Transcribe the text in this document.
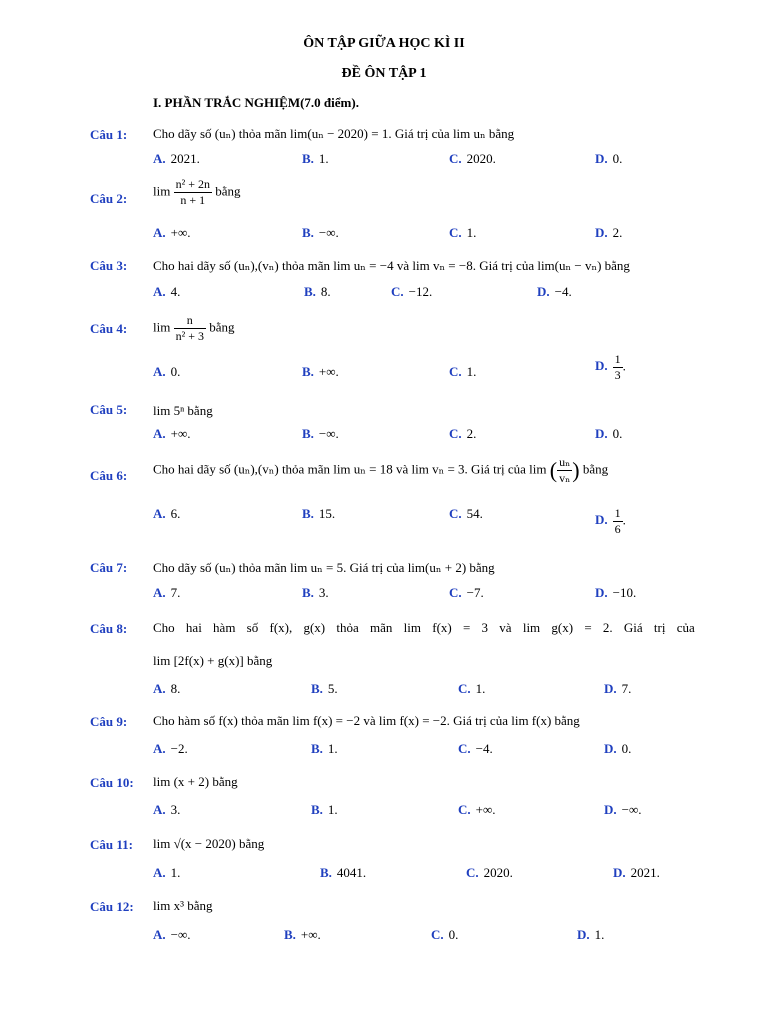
ÔN TẬP GIỮA HỌC KÌ II
ĐỀ ÔN TẬP 1
I. PHẦN TRẮC NGHIỆM(7.0 điểm).
Câu 1: Cho dãy số (uₙ) thỏa mãn lim(uₙ − 2020) = 1. Giá trị của lim uₙ bằng
A. 2021.	B. 1.	C. 2020.	D. 0.
Câu 2:
$\lim \frac{\text{n² + 2n}}{n + 1}$ bằng
A. +∞.	B. −∞.	C. 1.	D. 2.
Câu 3: Cho hai dãy số (uₙ),(vₙ) thỏa mãn lim uₙ = −4 và lim vₙ = −8. Giá trị của lim(uₙ − vₙ) bằng
A. 4.	B. 8.	C. −12.	D. −4.
Câu 4: $\lim \frac{n}{\text{n² + 3}}$ bằng
A. 0.	B. +∞.	C. 1.	D. $\frac{1}{3}$ .
Câu 5: lim 5ⁿ bằng
A. +∞.	B. −∞.	C. 2.	D. 0.
Câu 6: Cho hai dãy số (uₙ),(vₙ) thỏa mãn lim uₙ = 18 và lim vₙ = 3. Giá trị của lim ( $\frac{\text{uₙ}}{\text{vₙ}}$ ) bằng
A. 6.	B. 15.	C. 54.	D. $\frac{1}{6}$ .
Câu 7: Cho dãy số (uₙ) thỏa mãn lim uₙ = 5. Giá trị của lim(uₙ + 2) bằng
A. 7.	B. 3.	C. −7.	D. −10.
Câu 8: Cho hai hàm số f(x), g(x) thỏa mãn lim f(x) = 3 và lim g(x) = 2. Giá trị của
lim [2f(x) + g(x)] bằng
A. 8.	B. 5.	C. 1.	D. 7.
Câu 9: Cho hàm số f(x) thỏa mãn lim f(x) = −2 và lim f(x) = −2. Giá trị của lim f(x) bằng
A. −2.	B. 1.	C. −4.	D. 0.
Câu 10: lim (x + 2) bằng
A. 3.	B. 1.	C. +∞.	D. −∞.
Câu 11: lim √(x − 2020) bằng
A. 1.	B. 4041.	C. 2020.	D. 2021.
Câu 12: lim x³ bằng
A. −∞.	B. +∞.	C. 0.	D. 1.
